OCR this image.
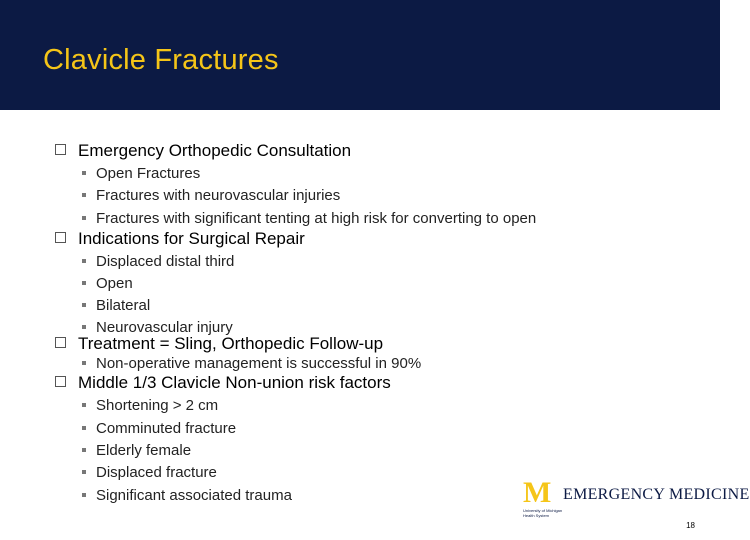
Clavicle Fractures
Emergency Orthopedic Consultation
Open Fractures
Fractures with neurovascular injuries
Fractures with significant tenting at high risk for converting to open
Indications for Surgical Repair
Displaced distal third
Open
Bilateral
Neurovascular injury
Treatment = Sling, Orthopedic Follow-up
Non-operative management is successful in 90%
Middle 1/3 Clavicle Non-union risk factors
Shortening > 2 cm
Comminuted fracture
Elderly female
Displaced fracture
Significant associated trauma	M
University of Michigan Health System
EMERGENCY MEDICINE
18
